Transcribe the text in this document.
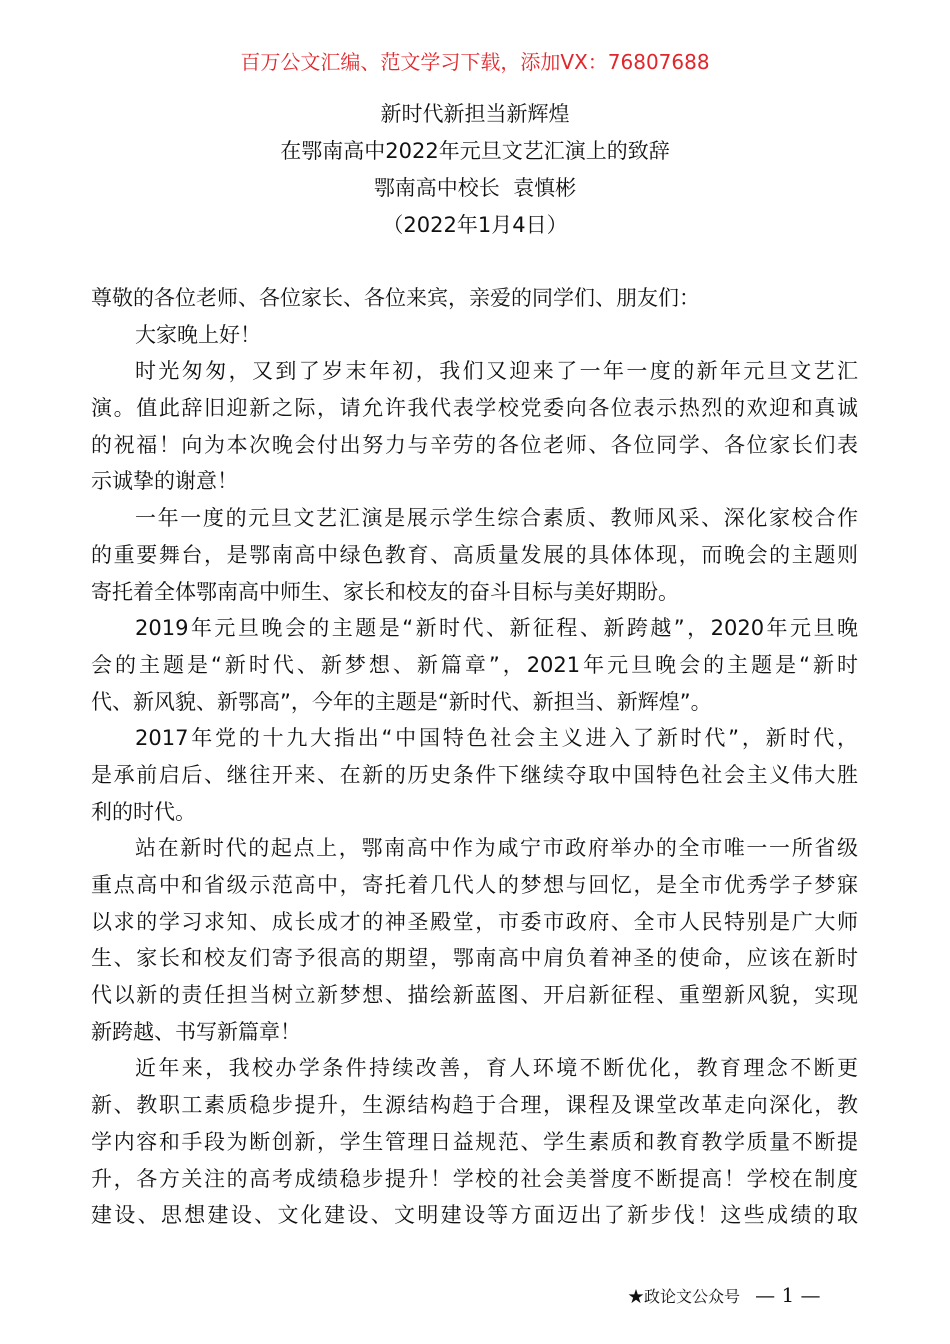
百万公文汇编、范文学习下载，添加VX：76807688
新时代新担当新辉煌
在鄂南高中2022年元旦文艺汇演上的致辞
鄂南高中校长  袁慎彬
（2022年1月4日）
尊敬的各位老师、各位家长、各位来宾，亲爱的同学们、朋友们：
大家晚上好！
时光匆匆，又到了岁末年初，我们又迎来了一年一度的新年元旦文艺汇
演。值此辞旧迎新之际，请允许我代表学校党委向各位表示热烈的欢迎和真诚
的祝福！向为本次晚会付出努力与辛劳的各位老师、各位同学、各位家长们表
示诚挚的谢意！
一年一度的元旦文艺汇演是展示学生综合素质、教师风采、深化家校合作
的重要舞台，是鄂南高中绿色教育、高质量发展的具体体现，而晚会的主题则
寄托着全体鄂南高中师生、家长和校友的奋斗目标与美好期盼。
2019年元旦晚会的主题是“新时代、新征程、新跨越”，2020年元旦晚
会的主题是“新时代、新梦想、新篇章”，2021年元旦晚会的主题是“新时
代、新风貌、新鄂高”，今年的主题是“新时代、新担当、新辉煌”。
2017年党的十九大指出“中国特色社会主义进入了新时代”，新时代，
是承前启后、继往开来、在新的历史条件下继续夺取中国特色社会主义伟大胜
利的时代。
站在新时代的起点上，鄂南高中作为咸宁市政府举办的全市唯一一所省级
重点高中和省级示范高中，寄托着几代人的梦想与回忆，是全市优秀学子梦寐
以求的学习求知、成长成才的神圣殿堂，市委市政府、全市人民特别是广大师
生、家长和校友们寄予很高的期望，鄂南高中肩负着神圣的使命，应该在新时
代以新的责任担当树立新梦想、描绘新蓝图、开启新征程、重塑新风貌，实现
新跨越、书写新篇章！
近年来，我校办学条件持续改善，育人环境不断优化，教育理念不断更
新、教职工素质稳步提升，生源结构趋于合理，课程及课堂改革走向深化，教
学内容和手段为断创新，学生管理日益规范、学生素质和教育教学质量不断提
升，各方关注的高考成绩稳步提升！学校的社会美誉度不断提高！学校在制度
建设、思想建设、文化建设、文明建设等方面迈出了新步伐！这些成绩的取
★政论文公众号 — 1 —
